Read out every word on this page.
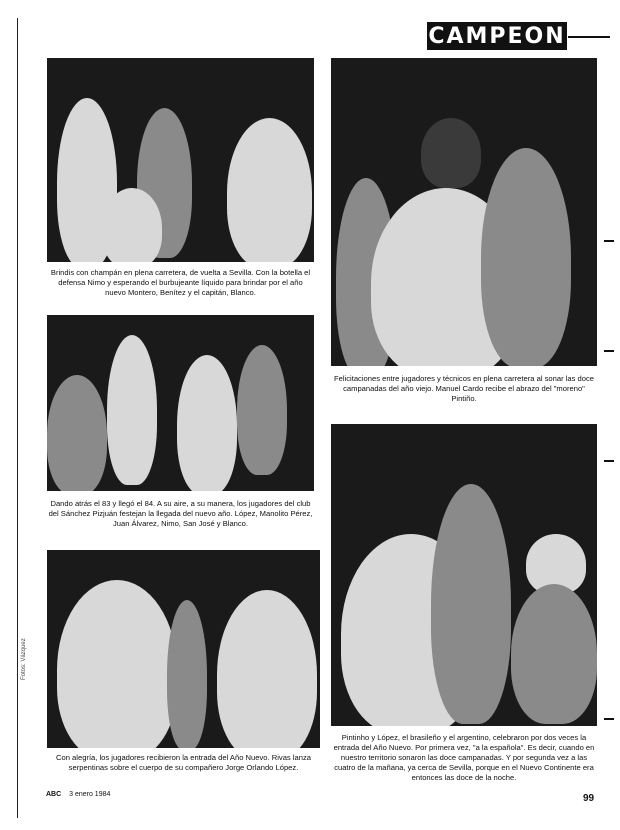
CAMPEON
Brindis con champán en plena carretera, de vuelta a Sevilla. Con la botella el defensa Nimo y esperando el burbujeante líquido para brindar por el año nuevo Montero, Benítez y el capitán, Blanco.
Felicitaciones entre jugadores y técnicos en plena carretera al sonar las doce campanadas del año viejo. Manuel Cardo recibe el abrazo del "moreno" Pintiño.
Dando atrás el 83 y llegó el 84. A su aire, a su manera, los jugadores del club del Sánchez Pizjuán festejan la llegada del nuevo año. López, Manolito Pérez, Juan Álvarez, Nimo, San José y Blanco.
Pintinho y López, el brasileño y el argentino, celebraron por dos veces la entrada del Año Nuevo. Por primera vez, "a la española". Es decir, cuando en nuestro territorio sonaron las doce campanadas. Y por segunda vez a las cuatro de la mañana, ya cerca de Sevilla, porque en el Nuevo Continente era entonces las doce de la noche.
Con alegría, los jugadores recibieron la entrada del Año Nuevo. Rivas lanza serpentinas sobre el cuerpo de su compañero Jorge Orlando López.
Fotos: Vázquez
ABC 3 enero 1984	99
